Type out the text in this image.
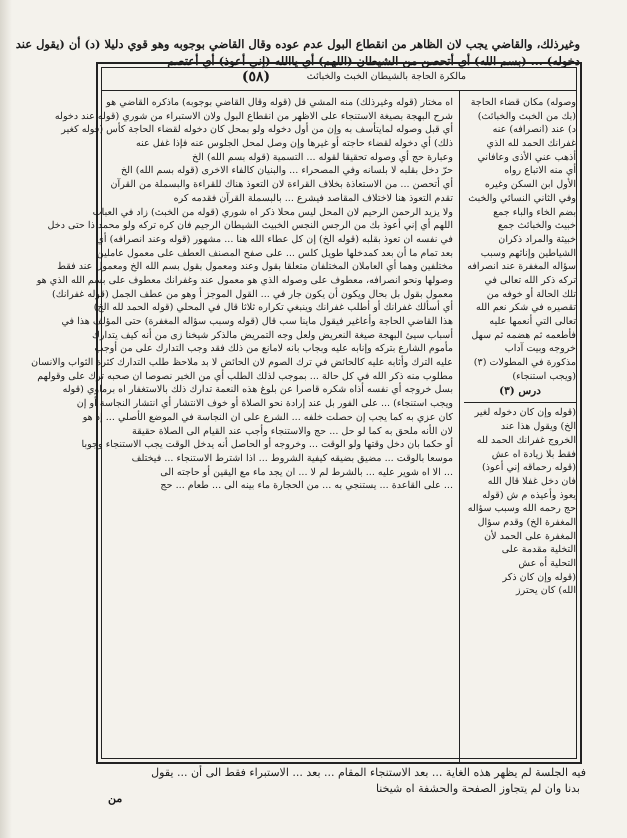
وغيرذلك، والقاضي يجب لان الظاهر من انقطاع البول عدم عوده وقال القاضي بوجوبه وهو قوي دليلا (د) أن (يقول عند
دخوله) ... (بسم الله) أي أتحصن من الشيطان (اللهم) أي ياالله (إني أعوذ) أي أعتصم
(٥٨)	مالكرة الحاجة بالشيطان الخبث والخبائث
اه مختار (قوله وغيرذلك) منه المشي قل (قوله وقال القاضي بوجوبه) ماذكره القاضي هو
شرح البهجة بصيغة الاستنجاء على الاظهر من انقطاع البول ولان الاستبراء من شوري (قوله عند دخوله
أي قبل وصوله لمايتأسف به وإن من أول دخوله ولو بمحل كان دخوله لقضاء الحاجة كأس (قوله كغير
ذلك) أي دخوله لقضاء حاجته أو غيرها وإن وصل لمحل الجلوس عنه فإذا غفل عنه
وعبارة حج أي وصوله تحقيقا لقوله ... التسمية (قوله بسم الله) الخ
حرّ دخل بقلبه لا بلسانه وفي المصحراء ... والبنيان كالفاء الاخرى (قوله بسم الله) الخ
أي أتحصن ... من الاستعاذة بخلاف القراءة لان التعوذ هناك للقراءة والبسملة من القرآن
تقدم التعوذ هنا لاختلاف المقاصد فيشرع ... بالبسملة القرآن فقدمه كره
ولا يزيد الرحمن الرحيم لان المحل ليس محلا ذكر اه شوري (قوله من الخبث) زاد في العباب
اللهم أي إني أعوذ بك من الرجس النجس الخبيث الشيطان الرجيم فان كره تركه ولو محمد ذا حتى دخل
في نفسه ان تعوذ بقلبه (قوله الخ) إن كل عطاء الله هنا ... مشهور (قوله وعند انصرافه) أي
بعد تمام ما أن بعد كمدخلها طويل كلس ... على صفح المصنف العطف على معمول عاملين
مختلفين وهما أي العاملان المختلفان متعلقا بقول وعند ومعمول بقول بسم الله الخ ومعمول عند فقط
وصولها ونحو انصرافه، معطوف على وصوله الذي هو معمول عند وغفرانك معطوف على بسم الله الذي هو
معمول بقول بل بحال ويكون أن يكون جار في ... القول الموجز أ وهو من عطف الجمل (قوله غفرانك)
أي أسألك غفرانك أو أطلب غفرانك وينبغي تكراره ثلاثا قال في المحلي (قوله الحمد لله الخ)
هذا القاضي الحاجة وأعاغير فيقول ماينا سب قال (قوله وسبب سؤاله المغفرة) حتى المؤلف هذا في
أسباب سيئ البهجة صيغة النعريض ولعل وجه التمريض مالذكر شيخنا زى من أنه كيف يتدارك
مأموم الشارع بتركه وإنابه عليه وبجاب بانه لامانع من ذلك فقد وجب التدارك على من أوجب
عليه الترك وأثابه عليه كالحائض في ترك الصوم لان الحائض لا بد ملاحظ طلب التدارك كثرة الثواب والانسان
مطلوب منه ذكر الله في كل حالة ... بموجب لذلك الطلب أي من الخبر نصوصا ان صحبه ترك على وقولهم
بسل خروجه أي نفسه أذاه شكره قاصرا عن بلوغ هذه النعمة تدارك ذلك بالاستغفار اه برماوي (قوله
ويجب استنجاء) ... على الفور بل عند إرادة نحو الصلاة أو خوف الانتشار أي انتشار النجاسة أو إن
كان عزي به كما يجب إن حصلت خلفه ... الشرع على ان النجاسة في الموضع الأصلي ... إذ هو
لان الأنه ملحق به كما لو حل ... حج والاستنجاء وأجب عند القيام الى الصلاة حقيقة
أو حكما بان دخل وقتها ولو الوقت ... وخروجه أو الحاصل أنه يدخل الوقت يجب الاستنجاء وجوبا
موسعا بالوقت ... مضيق بضيقه كيفية الشروط ... اذا اشترط الاستنجاء ... فيختلف
... الا اه شوير عليه ... بالشرط لم لا ... ان يجد ماء مع اليقين أو حاجته الى
... على القاعدة ... يستنجي به ... من الحجارة ماء بينه الى ... طعام ... حج
وصوله) مكان قضاء الحاجة
(بك من الخبث والخبائث)
د) عند (انصرافه) عنه
غفرانك الحمد لله الذي
أذهب عني الأذى وعافاني
أي منه الاتباع رواه
الأول ابن السكن وغيره
وفي الثاني النسائي والخبث
بضم الخاء والباء جمع
خبيث والخبائث جمع
خبيثة والمراد ذكران
الشياطين وإناثهم وسبب
سؤاله المغفرة عند انصرافه
تركه ذكر الله تعالى في
تلك الحالة أو خوفه من
تقصيره في شكر نعم الله
تعالى التي أنعمها عليه
فأطعمه ثم هضمه ثم سهل
خروجه وبيت آداب
مذكورة في المطولات (٣)
(ويجب استنجاء)
درس (٣)
(قوله وإن كان دخوله لغير
الخ) ويقول هذا عند
الخروج غفرانك الحمد لله
فقط بلا زيادة اه عش
(قوله رحماقه إني أعوذ)
فان دخل غفلا قال الله
يعوذ وأعيذه م ش (قوله
حج رحمه الله وسبب سؤاله
المغفرة الخ) وقدم سؤال
المغفرة على الحمد لأن
التخلية مقدمة على
التحلية أه عش
(قوله وإن كان ذكر
الله) كان يحترز
فيه الجلسة لم يظهر هذه الغاية ... بعد الاستنجاء المقام ... بعد ... الاستبراء فقط الى أن ... يقول
بدنا وان لم يتجاوز الصفحة والحشفة اه شيخنا
من
